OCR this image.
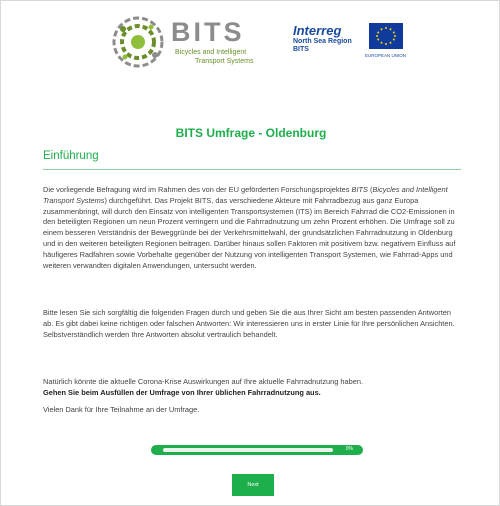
BITS
Bicycles and Intelligent
Transport Systems
Interreg
North Sea Region
BITS
EUROPEAN UNION
BITS Umfrage - Oldenburg
Einführung
Die vorliegende Befragung wird im Rahmen des von der EU geförderten Forschungsprojektes BITS (Bicycles and Intelligent Transport Systems) durchgeführt. Das Projekt BITS, das verschiedene Akteure mit Fahrradbezug aus ganz Europa zusammenbringt, will durch den Einsatz von intelligenten Transportsystemen (ITS) im Bereich Fahrrad die CO2-Emissionen in den beteiligten Regionen um neun Prozent verringern und die Fahrradnutzung um zehn Prozent erhöhen. Die Umfrage soll zu einem besseren Verständnis der Beweggründe bei der Verkehrsmittelwahl, der grundsätzlichen Fahrradnutzung in Oldenburg und in den weiteren beteiligten Regionen beitragen. Darüber hinaus sollen Faktoren mit positivem bzw. negativem Einfluss auf häufigeres Radfahren sowie Vorbehalte gegenüber der Nutzung von intelligenten Transport Systemen, wie Fahrrad-Apps und weiteren verwandten digitalen Anwendungen, untersucht werden.
Bitte lesen Sie sich sorgfältig die folgenden Fragen durch und geben Sie die aus Ihrer Sicht am besten passenden Antworten ab. Es gibt dabei keine richtigen oder falschen Antworten: Wir interessieren uns in erster Linie für Ihre persönlichen Ansichten. Selbstverständlich werden Ihre Antworten absolut vertraulich behandelt.
Natürlich könnte die aktuelle Corona-Krise Auswirkungen auf Ihre aktuelle Fahrradnutzung haben.
Gehen Sie beim Ausfüllen der Umfrage von Ihrer üblichen Fahrradnutzung aus.
Vielen Dank für Ihre Teilnahme an der Umfrage.
0%
Next
